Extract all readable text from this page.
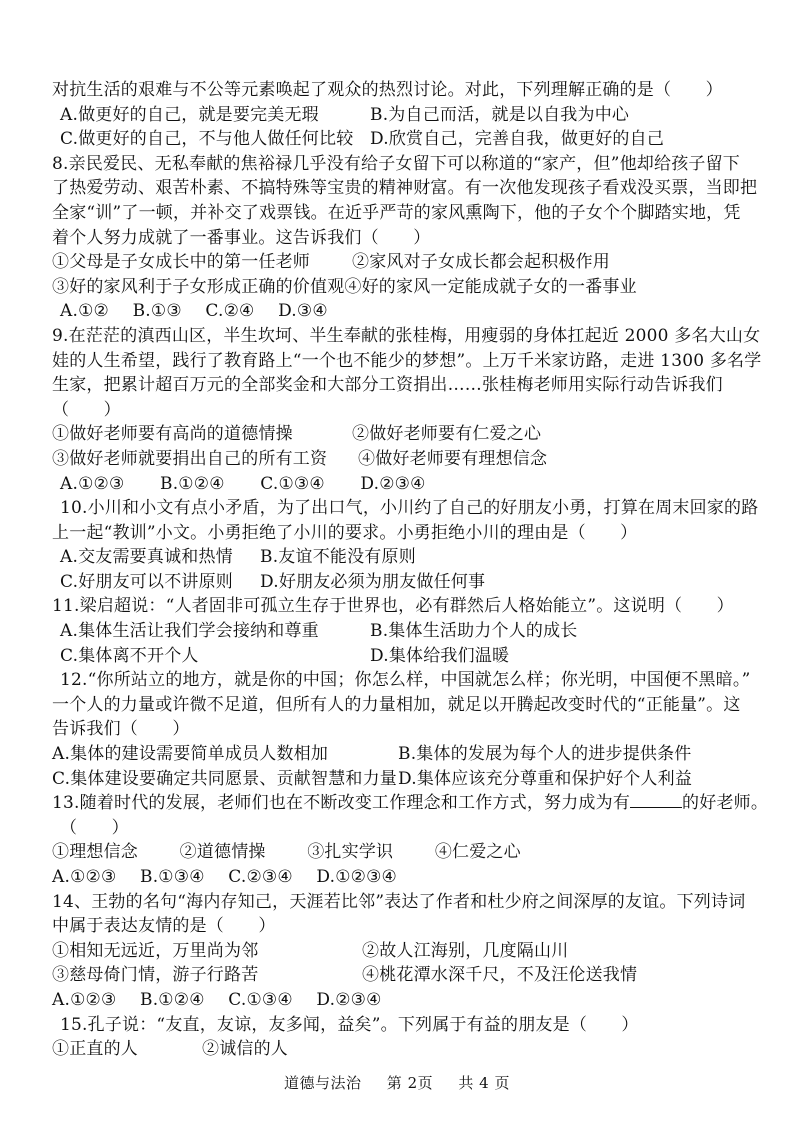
对抗生活的艰难与不公等元素唤起了观众的热烈讨论。对此，下列理解正确的是（　　）
A.做更好的自己，就是要完美无瑕	B.为自己而活，就是以自我为中心
C.做更好的自己，不与他人做任何比较 D.欣赏自己，完善自我，做更好的自己
8.亲民爱民、无私奉献的焦裕禄几乎没有给子女留下可以称道的“家产，但”他却给孩子留下
了热爱劳动、艰苦朴素、不搞特殊等宝贵的精神财富。有一次他发现孩子看戏没买票，当即把
全家“训”了一顿，并补交了戏票钱。在近乎严苛的家风熏陶下，他的子女个个脚踏实地，凭
着个人努力成就了一番事业。这告诉我们（　　）
①父母是子女成长中的第一任老师	②家风对子女成长都会起积极作用
③好的家风利于子女形成正确的价值观④好的家风一定能成就子女的一番事业
A.①② B.①③ C.②④ D.③④
9.在茫茫的滇西山区，半生坎坷、半生奉献的张桂梅，用瘦弱的身体扛起近 2000 多名大山女
娃的人生希望，践行了教育路上“一个也不能少的梦想”。上万千米家访路，走进 1300 多名学
生家，把累计超百万元的全部奖金和大部分工资捐出……张桂梅老师用实际行动告诉我们
（　　）
①做好老师要有高尚的道德情操	②做好老师要有仁爱之心
③做好老师就要捐出自己的所有工资	④做好老师要有理想信念
A.①②③ B.①②④ C.①③④ D.②③④
10.小川和小文有点小矛盾，为了出口气，小川约了自己的好朋友小勇，打算在周末回家的路
上一起“教训”小文。小勇拒绝了小川的要求。小勇拒绝小川的理由是（　　）
A.交友需要真诚和热情	B.友谊不能没有原则
C.好朋友可以不讲原则	D.好朋友必须为朋友做任何事
11.梁启超说：“人者固非可孤立生存于世界也，必有群然后人格始能立”。这说明（　　）
A.集体生活让我们学会接纳和尊重	B.集体生活助力个人的成长
C.集体离不开个人	D.集体给我们温暖
12.“你所站立的地方，就是你的中国；你怎么样，中国就怎么样；你光明，中国便不黑暗。”
一个人的力量或许微不足道，但所有人的力量相加，就足以开腾起改变时代的“正能量”。这
告诉我们（　　）
A.集体的建设需要简单成员人数相加	B.集体的发展为每个人的进步提供条件
C.集体建设要确定共同愿景、贡献智慧和力量 D.集体应该充分尊重和保护好个人利益
13.随着时代的发展，老师们也在不断改变工作理念和工作方式，努力成为有	的好老师。
（　　）
①理想信念 ②道德情操 ③扎实学识 ④仁爱之心
A.①②③ B.①③④ C.②③④ D.①②③④
14、王勃的名句“海内存知己，天涯若比邻”表达了作者和杜少府之间深厚的友谊。下列诗词
中属于表达友情的是（　　）
①相知无远近，万里尚为邻	②故人江海别，几度隔山川
③慈母倚门情，游子行路苦	④桃花潭水深千尺，不及汪伦送我情
A.①②③ B.①②④ C.①③④ D.②③④
15.孔子说：“友直，友谅，友多闻，益矣”。下列属于有益的朋友是（　　）
①正直的人	②诚信的人
道德与法治 第 2页 共 4 页
